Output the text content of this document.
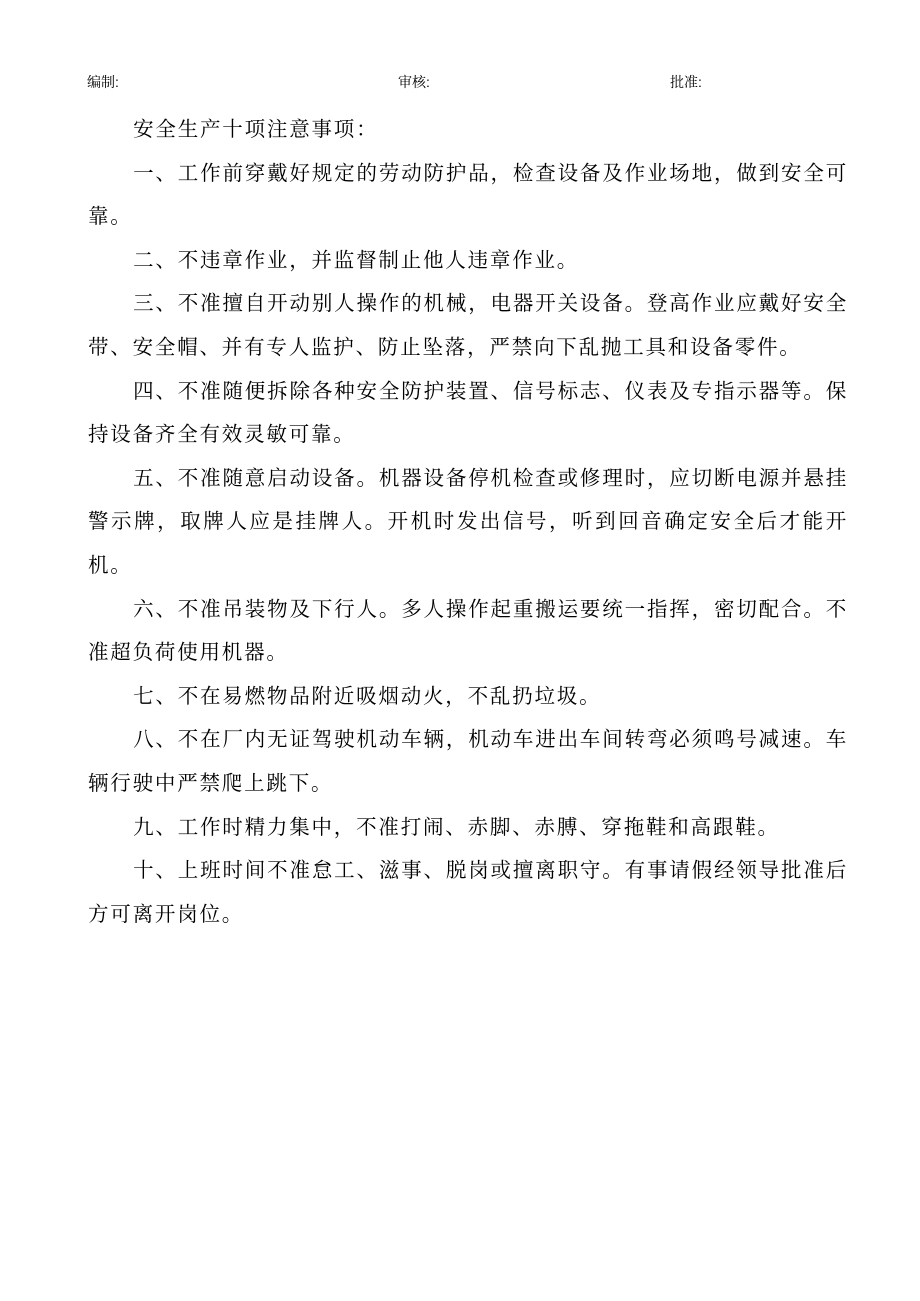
编制:	审核:	批准:

安全生产十项注意事项：

一、工作前穿戴好规定的劳动防护品，检查设备及作业场地，做到安全可靠。

二、不违章作业，并监督制止他人违章作业。

三、不准擅自开动别人操作的机械，电器开关设备。登高作业应戴好安全带、安全帽、并有专人监护、防止坠落，严禁向下乱抛工具和设备零件。

四、不准随便拆除各种安全防护装置、信号标志、仪表及专指示器等。保持设备齐全有效灵敏可靠。

五、不准随意启动设备。机器设备停机检查或修理时，应切断电源并悬挂警示牌，取牌人应是挂牌人。开机时发出信号，听到回音确定安全后才能开机。

六、不准吊装物及下行人。多人操作起重搬运要统一指挥，密切配合。不准超负荷使用机器。

七、不在易燃物品附近吸烟动火，不乱扔垃圾。

八、不在厂内无证驾驶机动车辆，机动车进出车间转弯必须鸣号减速。车辆行驶中严禁爬上跳下。

九、工作时精力集中，不准打闹、赤脚、赤膊、穿拖鞋和高跟鞋。

十、上班时间不准怠工、滋事、脱岗或擅离职守。有事请假经领导批准后方可离开岗位。
